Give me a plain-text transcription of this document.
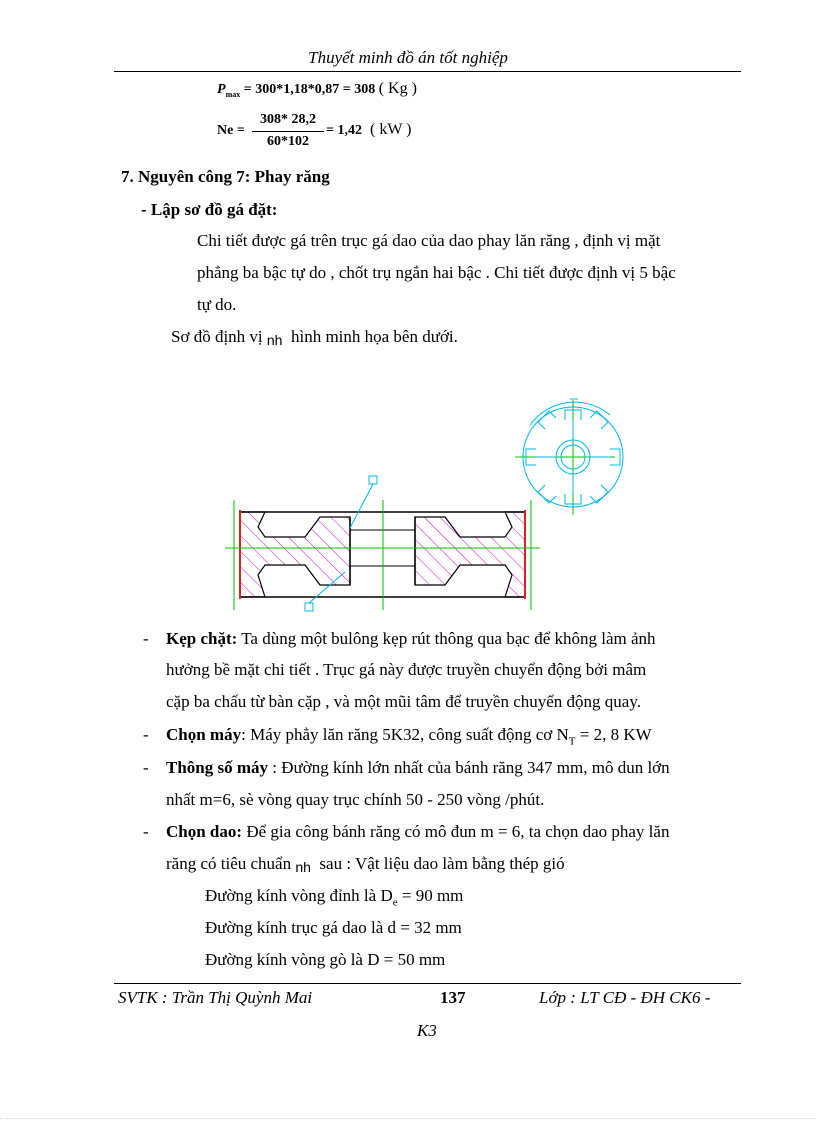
Thuyết minh đồ án tốt nghiệp
$P_{max} = 300*1,18*0,87 = 308$ ( Kg )
Ne =
308* 28,2
60*102
= 1,42 ( kW )
7. Nguyên công 7: Phay răng
- Lập sơ đồ gá đặt:
Chi tiết được gá trên trục gá dao của dao phay lăn răng , định vị mặt
phẳng ba bậc tự do , chốt trụ ngắn hai bậc . Chi tiết được định vị 5 bậc
tự do.
Sơ đồ định vị nh hình minh họa bên dưới.
- Kẹp chặt: Ta dùng một bulông kẹp rút thông qua bạc để không làm ảnh
hưởng bề mặt chi tiết . Trục gá này được truyền chuyển động bởi mâm
cặp ba chấu từ bàn cặp , và một mũi tâm để truyền chuyển động quay.
- Chọn máy: Máy phẳy lăn răng 5K32, công suất động cơ $N_T = 2$, 8 KW
- Thông số máy : Đường kính lớn nhất của bánh răng 347 mm, mô dun lớn
nhất m=6, sè vòng quay trục chính 50 - 250 vòng /phút.
- Chọn dao: Để gia công bánh răng có mô đun m = 6, ta chọn dao phay lăn
răng có tiêu chuẩn nh sau : Vật liệu dao làm bằng thép gió
Đường kính vòng đỉnh là $D_e = 90$ mm
Đường kính trục gá dao là d = 32 mm
Đường kính vòng gò là D = 50 mm
SVTK : Trần Thị Quỳnh Mai	137	Lớp : LT CĐ - ĐH CK6 -
K3
